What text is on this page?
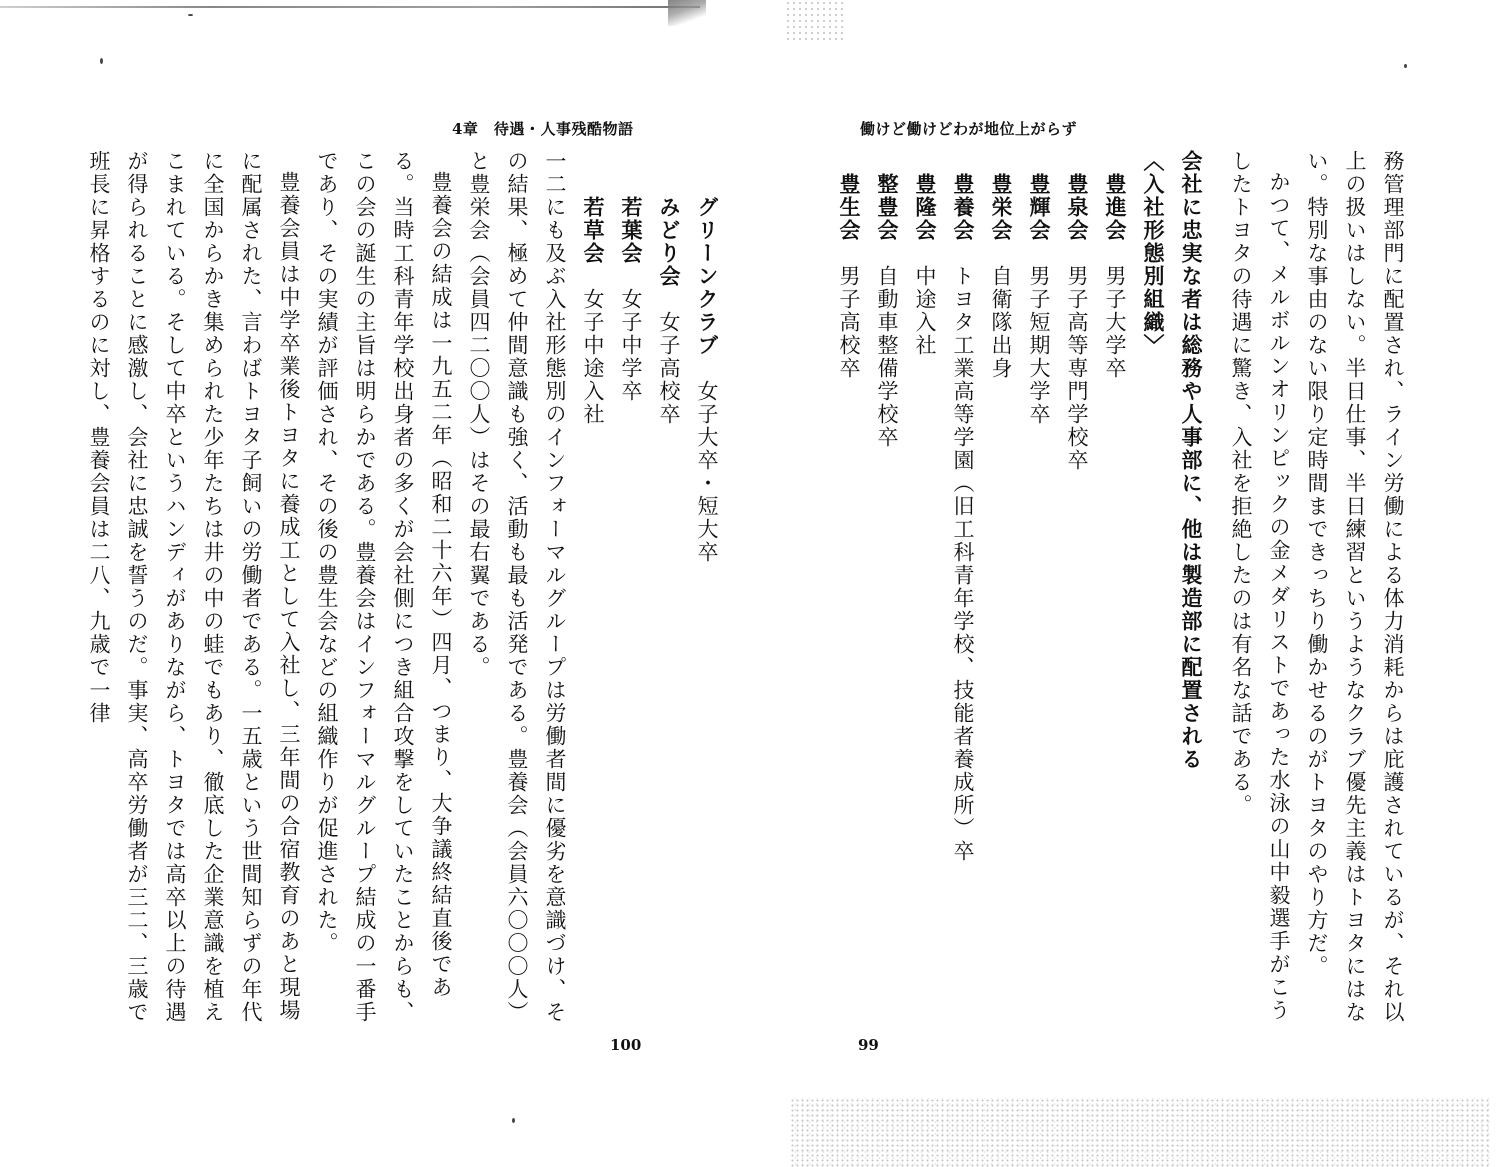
4章　待遇・人事残酷物語

　　グリーンクラブ　女子大卒・短大卒

　　みどり会　女子高校卒

　　若葉会　女子中学卒

　　若草会　女子中途入社

一二にも及ぶ入社形態別のインフォーマルグループは労働者間に優劣を意識づけ、その結果、極めて仲間意識も強く、活動も最も活発である。豊養会（会員六〇〇〇人）と豊栄会（会員四二〇〇人）はその最右翼である。

豊養会の結成は一九五二年（昭和二十六年）四月、つまり、大争議終結直後である。当時工科青年学校出身者の多くが会社側につき組合攻撃をしていたことからも、この会の誕生の主旨は明らかである。豊養会はインフォーマルグループ結成の一番手であり、その実績が評価され、その後の豊生会などの組織作りが促進された。

豊養会員は中学卒業後トヨタに養成工として入社し、三年間の合宿教育のあと現場に配属された、言わばトヨタ子飼いの労働者である。一五歳という世間知らずの年代に全国からかき集められた少年たちは井の中の蛙でもあり、徹底した企業意識を植えこまれている。そして中卒というハンディがありながら、トヨタでは高卒以上の待遇が得られることに感激し、会社に忠誠を誓うのだ。事実、高卒労働者が三二、三歳で班長に昇格するのに対し、豊養会員は二八、九歳で一律

100
働けど働けどわが地位上がらず

務管理部門に配置され、ライン労働による体力消耗からは庇護されているが、それ以上の扱いはしない。半日仕事、半日練習というようなクラブ優先主義はトヨタにはない。特別な事由のない限り定時間まできっちり働かせるのがトヨタのやり方だ。

かつて、メルボルンオリンピックの金メダリストであった水泳の山中毅選手がこうしたトヨタの待遇に驚き、入社を拒絶したのは有名な話である。

会社に忠実な者は総務や人事部に、他は製造部に配置される

〈入社形態別組織〉

　豊進会　男子大学卒

　豊泉会　男子高等専門学校卒

　豊輝会　男子短期大学卒

　豊栄会　自衛隊出身

　豊養会　トヨタ工業高等学園（旧工科青年学校、技能者養成所）卒

　豊隆会　中途入社

　整豊会　自動車整備学校卒

　豊生会　男子高校卒

99
